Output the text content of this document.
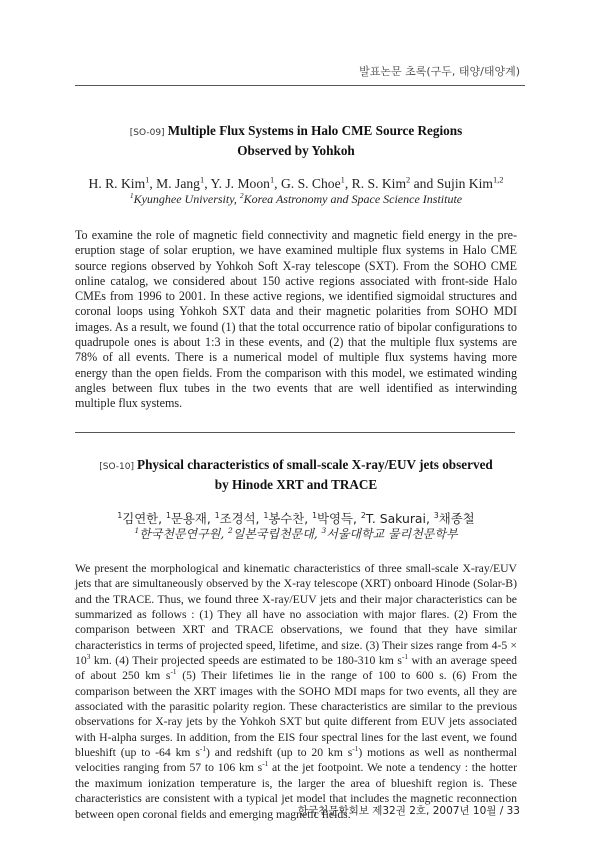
발표논문 초록(구두, 태양/태양계)
[SO-09] Multiple Flux Systems in Halo CME Source Regions
Observed by Yohkoh
H. R. Kim$^1$, M. Jang$^1$, Y. J. Moon$^1$, G. S. Choe$^1$, R. S. Kim$^2$ and Sujin Kim$^{1,2}$
$^1$Kyunghee University, $^2$Korea Astronomy and Space Science Institute
To examine the role of magnetic field connectivity and magnetic field energy in the pre-eruption stage of solar eruption, we have examined multiple flux systems in Halo CME source regions observed by Yohkoh Soft X-ray telescope (SXT). From the SOHO CME online catalog, we considered about 150 active regions associated with front-side Halo CMEs from 1996 to 2001. In these active regions, we identified sigmoidal structures and coronal loops using Yohkoh SXT data and their magnetic polarities from SOHO MDI images. As a result, we found (1) that the total occurrence ratio of bipolar configurations to quadrupole ones is about 1:3 in these events, and (2) that the multiple flux systems are 78% of all events. There is a numerical model of multiple flux systems having more energy than the open fields. From the comparison with this model, we estimated winding angles between flux tubes in the two events that are well identified as interwinding multiple flux systems.
[SO-10] Physical characteristics of small-scale X-ray/EUV jets observed
by Hinode XRT and TRACE
$^1$김연한, $^1$문용재, $^1$조경석, $^1$봉수찬, $^1$박영득, $^2$T. Sakurai, $^3$채종철
$^1$한국천문연구원, $^2$일본국립천문대, $^3$서울대학교 물리천문학부
We present the morphological and kinematic characteristics of three small-scale X-ray/EUV jets that are simultaneously observed by the X-ray telescope (XRT) onboard Hinode (Solar-B) and the TRACE. Thus, we found three X-ray/EUV jets and their major characteristics can be summarized as follows : (1) They all have no association with major flares. (2) From the comparison between XRT and TRACE observations, we found that they have similar characteristics in terms of projected speed, lifetime, and size. (3) Their sizes range from $4-5 \times 10^3$ km. (4) Their projected speeds are estimated to be 180-310 km $s^{-1}$ with an average speed of about 250 km $s^{-1}$ (5) Their lifetimes lie in the range of 100 to 600 s. (6) From the comparison between the XRT images with the SOHO MDI maps for two events, all they are associated with the parasitic polarity region. These characteristics are similar to the previous observations for X-ray jets by the Yohkoh SXT but quite different from EUV jets associated with H-alpha surges. In addition, from the EIS four spectral lines for the last event, we found blueshift (up to -64 km $s^{-1}$) and redshift (up to 20 km $s^{-1}$) motions as well as nonthermal velocities ranging from 57 to 106 km $s^{-1}$ at the jet footpoint. We note a tendency : the hotter the maximum ionization temperature is, the larger the area of blueshift region is. These characteristics are consistent with a typical jet model that includes the magnetic reconnection between open coronal fields and emerging magnetic fields.
한국천문학회보 제32권 2호, 2007년 10월 / 33
